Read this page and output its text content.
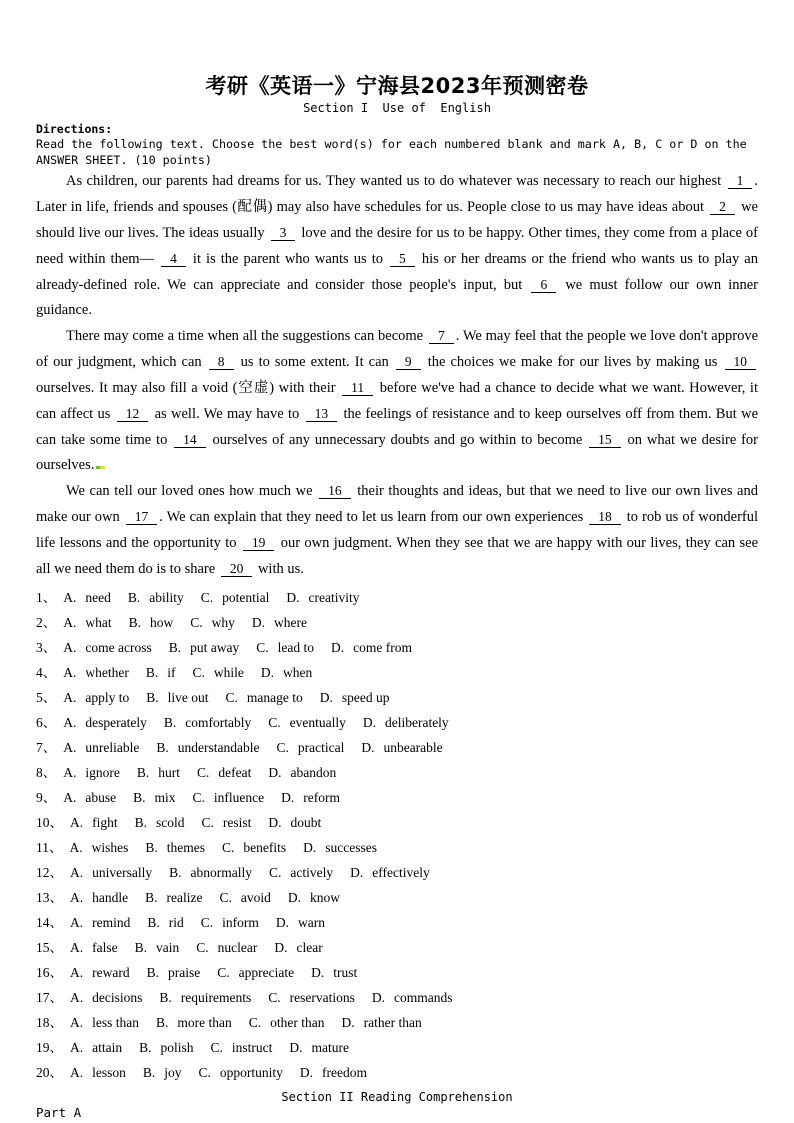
考研《英语一》宁海县2023年预测密卷
Section I  Use of  English
Directions:
Read the following text. Choose the best word(s) for each numbered blank and mark A, B, C or D on the ANSWER SHEET. (10 points)

As children, our parents had dreams for us. They wanted us to do whatever was necessary to reach our highest 1 . Later in life, friends and spouses (配偶) may also have schedules for us. People close to us may have ideas about 2 we should live our lives. The ideas usually 3 love and the desire for us to be happy. Other times, they come from a place of need within them— 4 it is the parent who wants us to 5 his or her dreams or the friend who wants us to play an already-defined role. We can appreciate and consider those people's input, but 6 we must follow our own inner guidance.

There may come a time when all the suggestions can become 7 . We may feel that the people we love don't approve of our judgment, which can 8 us to some extent. It can 9 the choices we make for our lives by making us 10 ourselves. It may also fill a void (空虚) with their 11 before we've had a chance to decide what we want. However, it can affect us 12 as well. We may have to 13 the feelings of resistance and to keep ourselves off from them. But we can take some time to 14 ourselves of any unnecessary doubts and go within to become 15 on what we desire for ourselves.

We can tell our loved ones how much we 16 their thoughts and ideas, but that we need to live our own lives and make our own 17 . We can explain that they need to let us learn from our own experiences 18 to rob us of wonderful life lessons and the opportunity to 19 our own judgment. When they see that we are happy with our lives, they can see all we need them do is to share 20 with us.

1、 A. need B. ability C. potential D. creativity
2、 A. what B. how C. why D. where
3、 A. come across B. put away C. lead to D. come from
4、 A. whether B. if C. while D. when
5、 A. apply to B. live out C. manage to D. speed up
6、 A. desperately B. comfortably C. eventually D. deliberately
7、 A. unreliable B. understandable C. practical D. unbearable
8、 A. ignore B. hurt C. defeat D. abandon
9、 A. abuse B. mix C. influence D. reform
10、 A. fight B. scold C. resist D. doubt
11、 A. wishes B. themes C. benefits D. successes
12、 A. universally B. abnormally C. actively D. effectively
13、 A. handle B. realize C. avoid D. know
14、 A. remind B. rid C. inform D. warn
15、 A. false B. vain C. nuclear D. clear
16、 A. reward B. praise C. appreciate D. trust
17、 A. decisions B. requirements C. reservations D. commands
18、 A. less than B. more than C. other than D. rather than
19、 A. attain B. polish C. instruct D. mature
20、 A. lesson B. joy C. opportunity D. freedom
Section II Reading Comprehension
Part A
